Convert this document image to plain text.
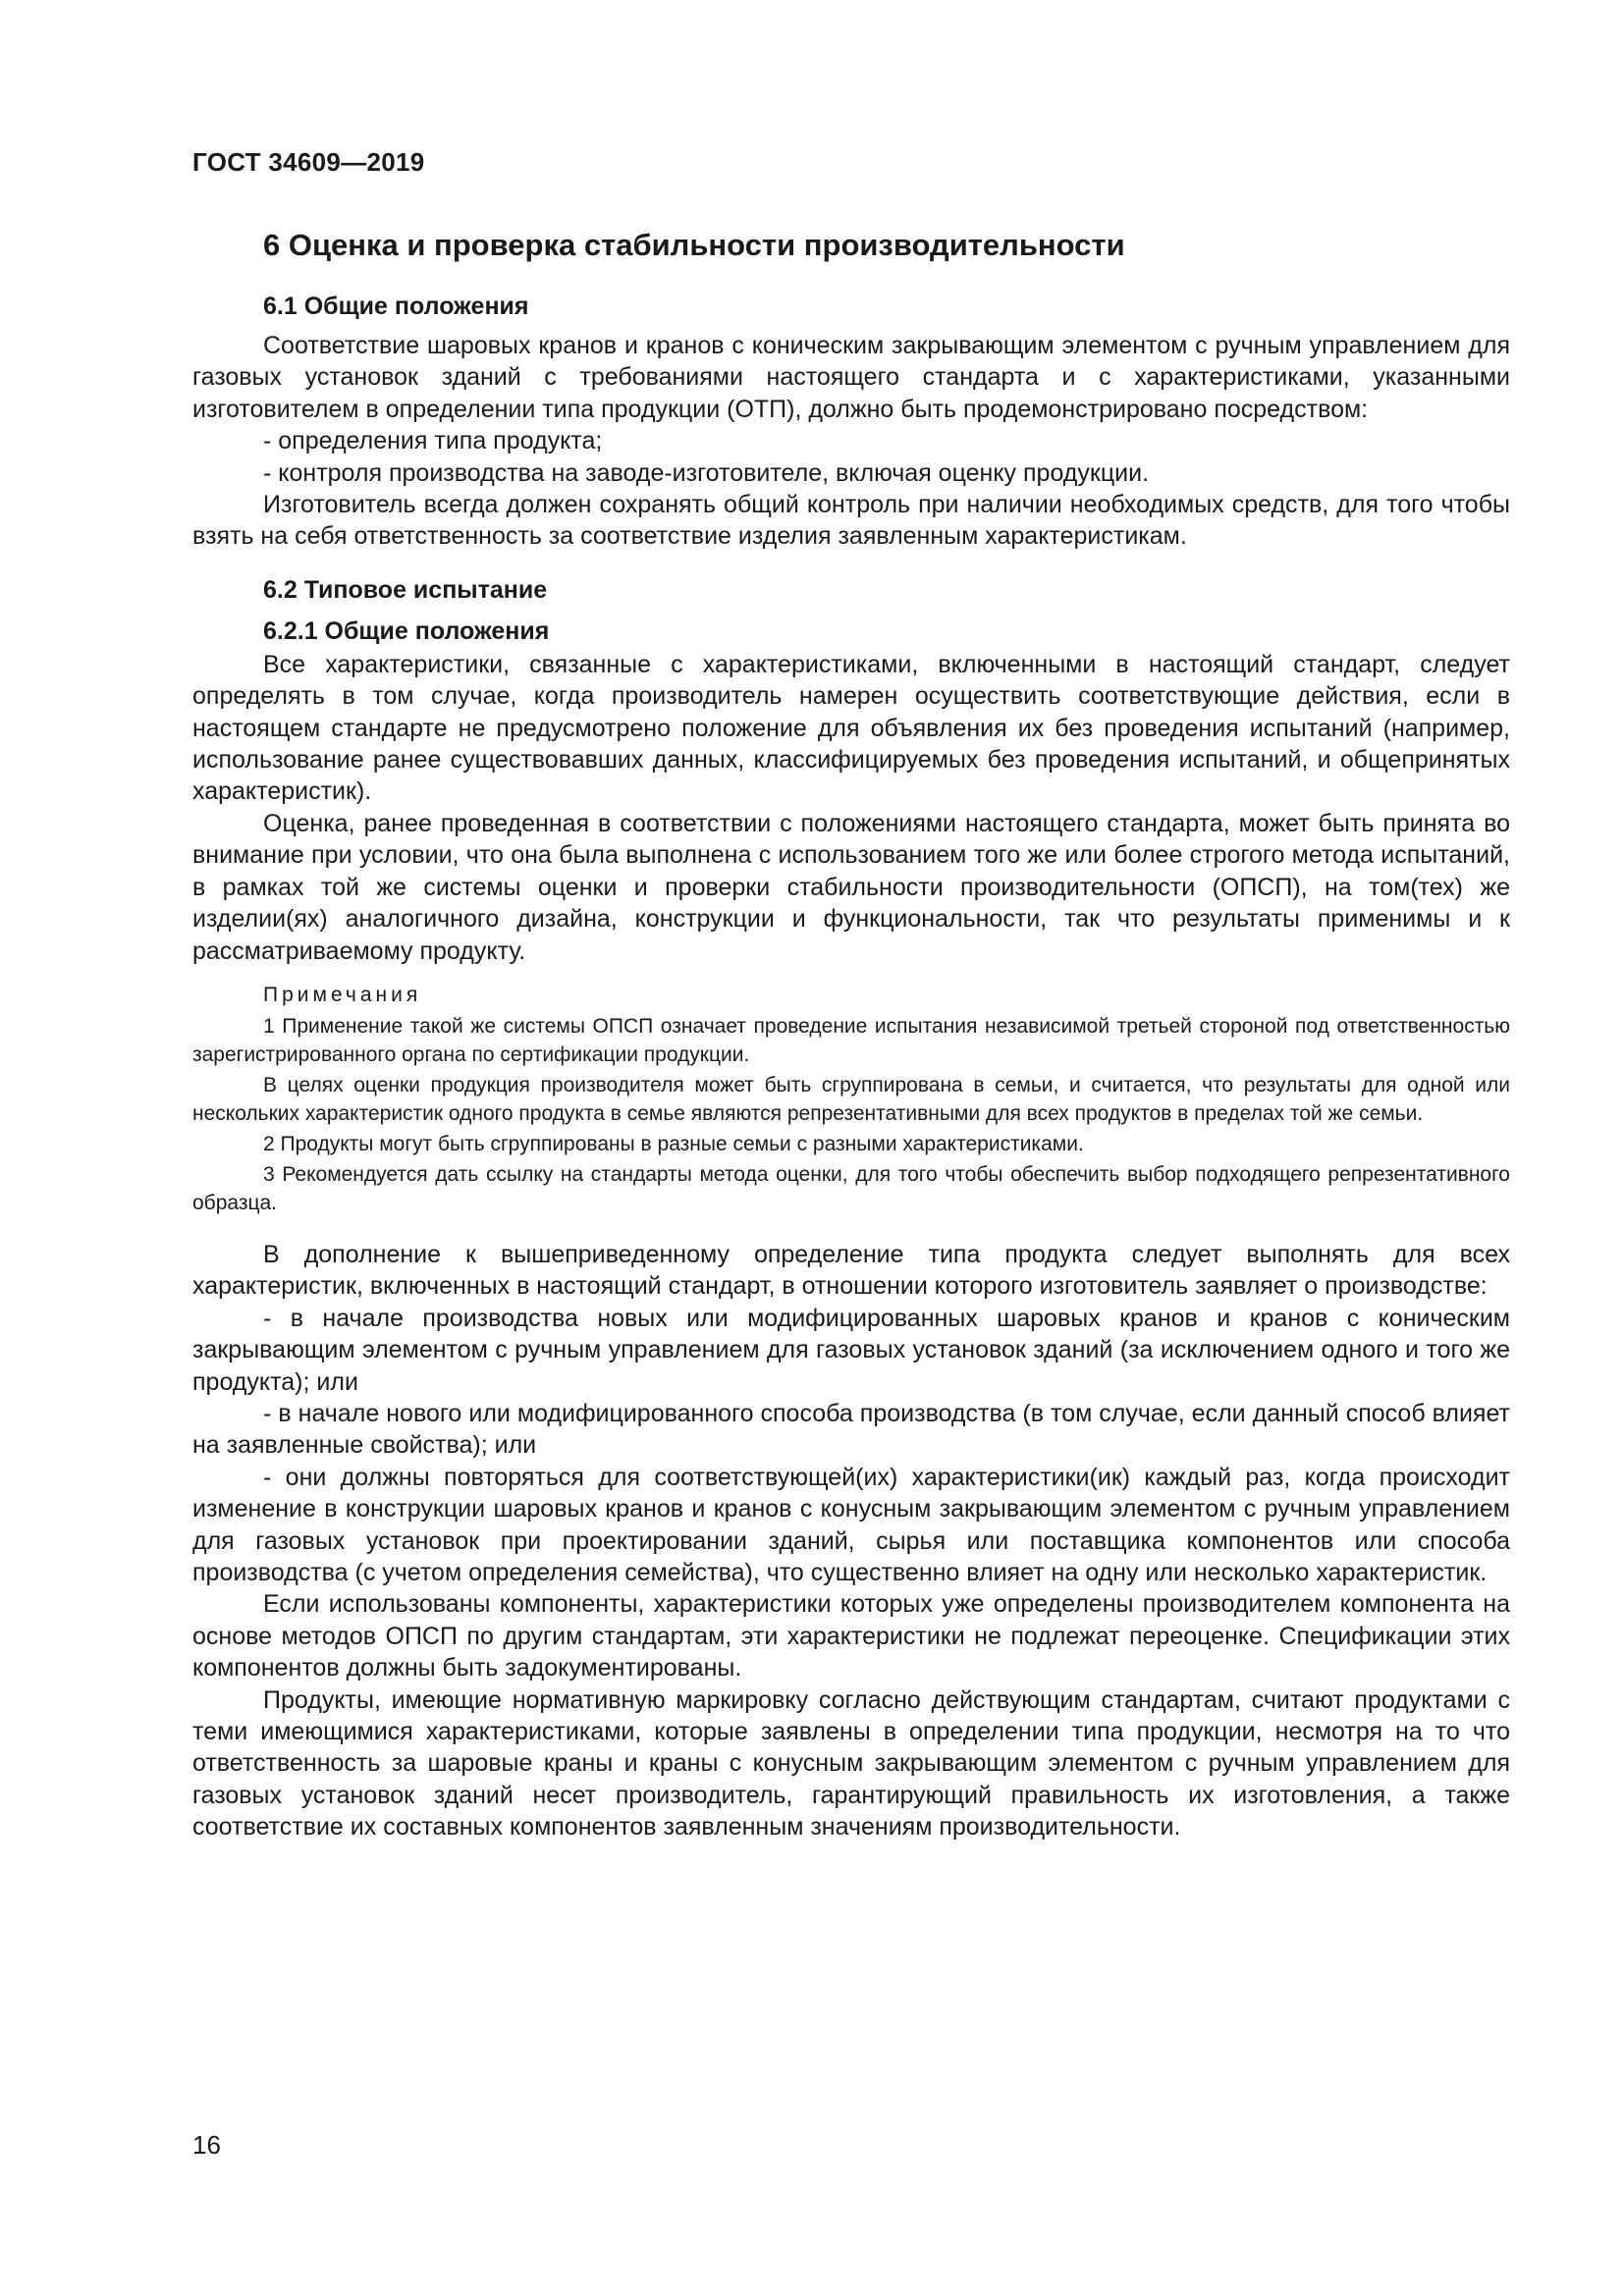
ГОСТ 34609—2019
6 Оценка и проверка стабильности производительности
6.1 Общие положения

Соответствие шаровых кранов и кранов с коническим закрывающим элементом с ручным управлением для газовых установок зданий с требованиями настоящего стандарта и с характеристиками, указанными изготовителем в определении типа продукции (ОТП), должно быть продемонстрировано посредством:

- определения типа продукта;

- контроля производства на заводе-изготовителе, включая оценку продукции.

Изготовитель всегда должен сохранять общий контроль при наличии необходимых средств, для того чтобы взять на себя ответственность за соответствие изделия заявленным характеристикам.

6.2 Типовое испытание
6.2.1 Общие положения

Все характеристики, связанные с характеристиками, включенными в настоящий стандарт, следует определять в том случае, когда производитель намерен осуществить соответствующие действия, если в настоящем стандарте не предусмотрено положение для объявления их без проведения испытаний (например, использование ранее существовавших данных, классифицируемых без проведения испытаний, и общепринятых характеристик).

Оценка, ранее проведенная в соответствии с положениями настоящего стандарта, может быть принята во внимание при условии, что она была выполнена с использованием того же или более строгого метода испытаний, в рамках той же системы оценки и проверки стабильности производительности (ОПСП), на том(тех) же изделии(ях) аналогичного дизайна, конструкции и функциональности, так что результаты применимы и к рассматриваемому продукту.

Примечания

1 Применение такой же системы ОПСП означает проведение испытания независимой третьей стороной под ответственностью зарегистрированного органа по сертификации продукции.

В целях оценки продукция производителя может быть сгруппирована в семьи, и считается, что результаты для одной или нескольких характеристик одного продукта в семье являются репрезентативными для всех продуктов в пределах той же семьи.

2 Продукты могут быть сгруппированы в разные семьи с разными характеристиками.

3 Рекомендуется дать ссылку на стандарты метода оценки, для того чтобы обеспечить выбор подходящего репрезентативного образца.

В дополнение к вышеприведенному определение типа продукта следует выполнять для всех характеристик, включенных в настоящий стандарт, в отношении которого изготовитель заявляет о производстве:

- в начале производства новых или модифицированных шаровых кранов и кранов с коническим закрывающим элементом с ручным управлением для газовых установок зданий (за исключением одного и того же продукта); или

- в начале нового или модифицированного способа производства (в том случае, если данный способ влияет на заявленные свойства); или

- они должны повторяться для соответствующей(их) характеристики(ик) каждый раз, когда происходит изменение в конструкции шаровых кранов и кранов с конусным закрывающим элементом с ручным управлением для газовых установок при проектировании зданий, сырья или поставщика компонентов или способа производства (с учетом определения семейства), что существенно влияет на одну или несколько характеристик.

Если использованы компоненты, характеристики которых уже определены производителем компонента на основе методов ОПСП по другим стандартам, эти характеристики не подлежат переоценке. Спецификации этих компонентов должны быть задокументированы.

Продукты, имеющие нормативную маркировку согласно действующим стандартам, считают продуктами с теми имеющимися характеристиками, которые заявлены в определении типа продукции, несмотря на то что ответственность за шаровые краны и краны с конусным закрывающим элементом с ручным управлением для газовых установок зданий несет производитель, гарантирующий правильность их изготовления, а также соответствие их составных компонентов заявленным значениям производительности.

16
